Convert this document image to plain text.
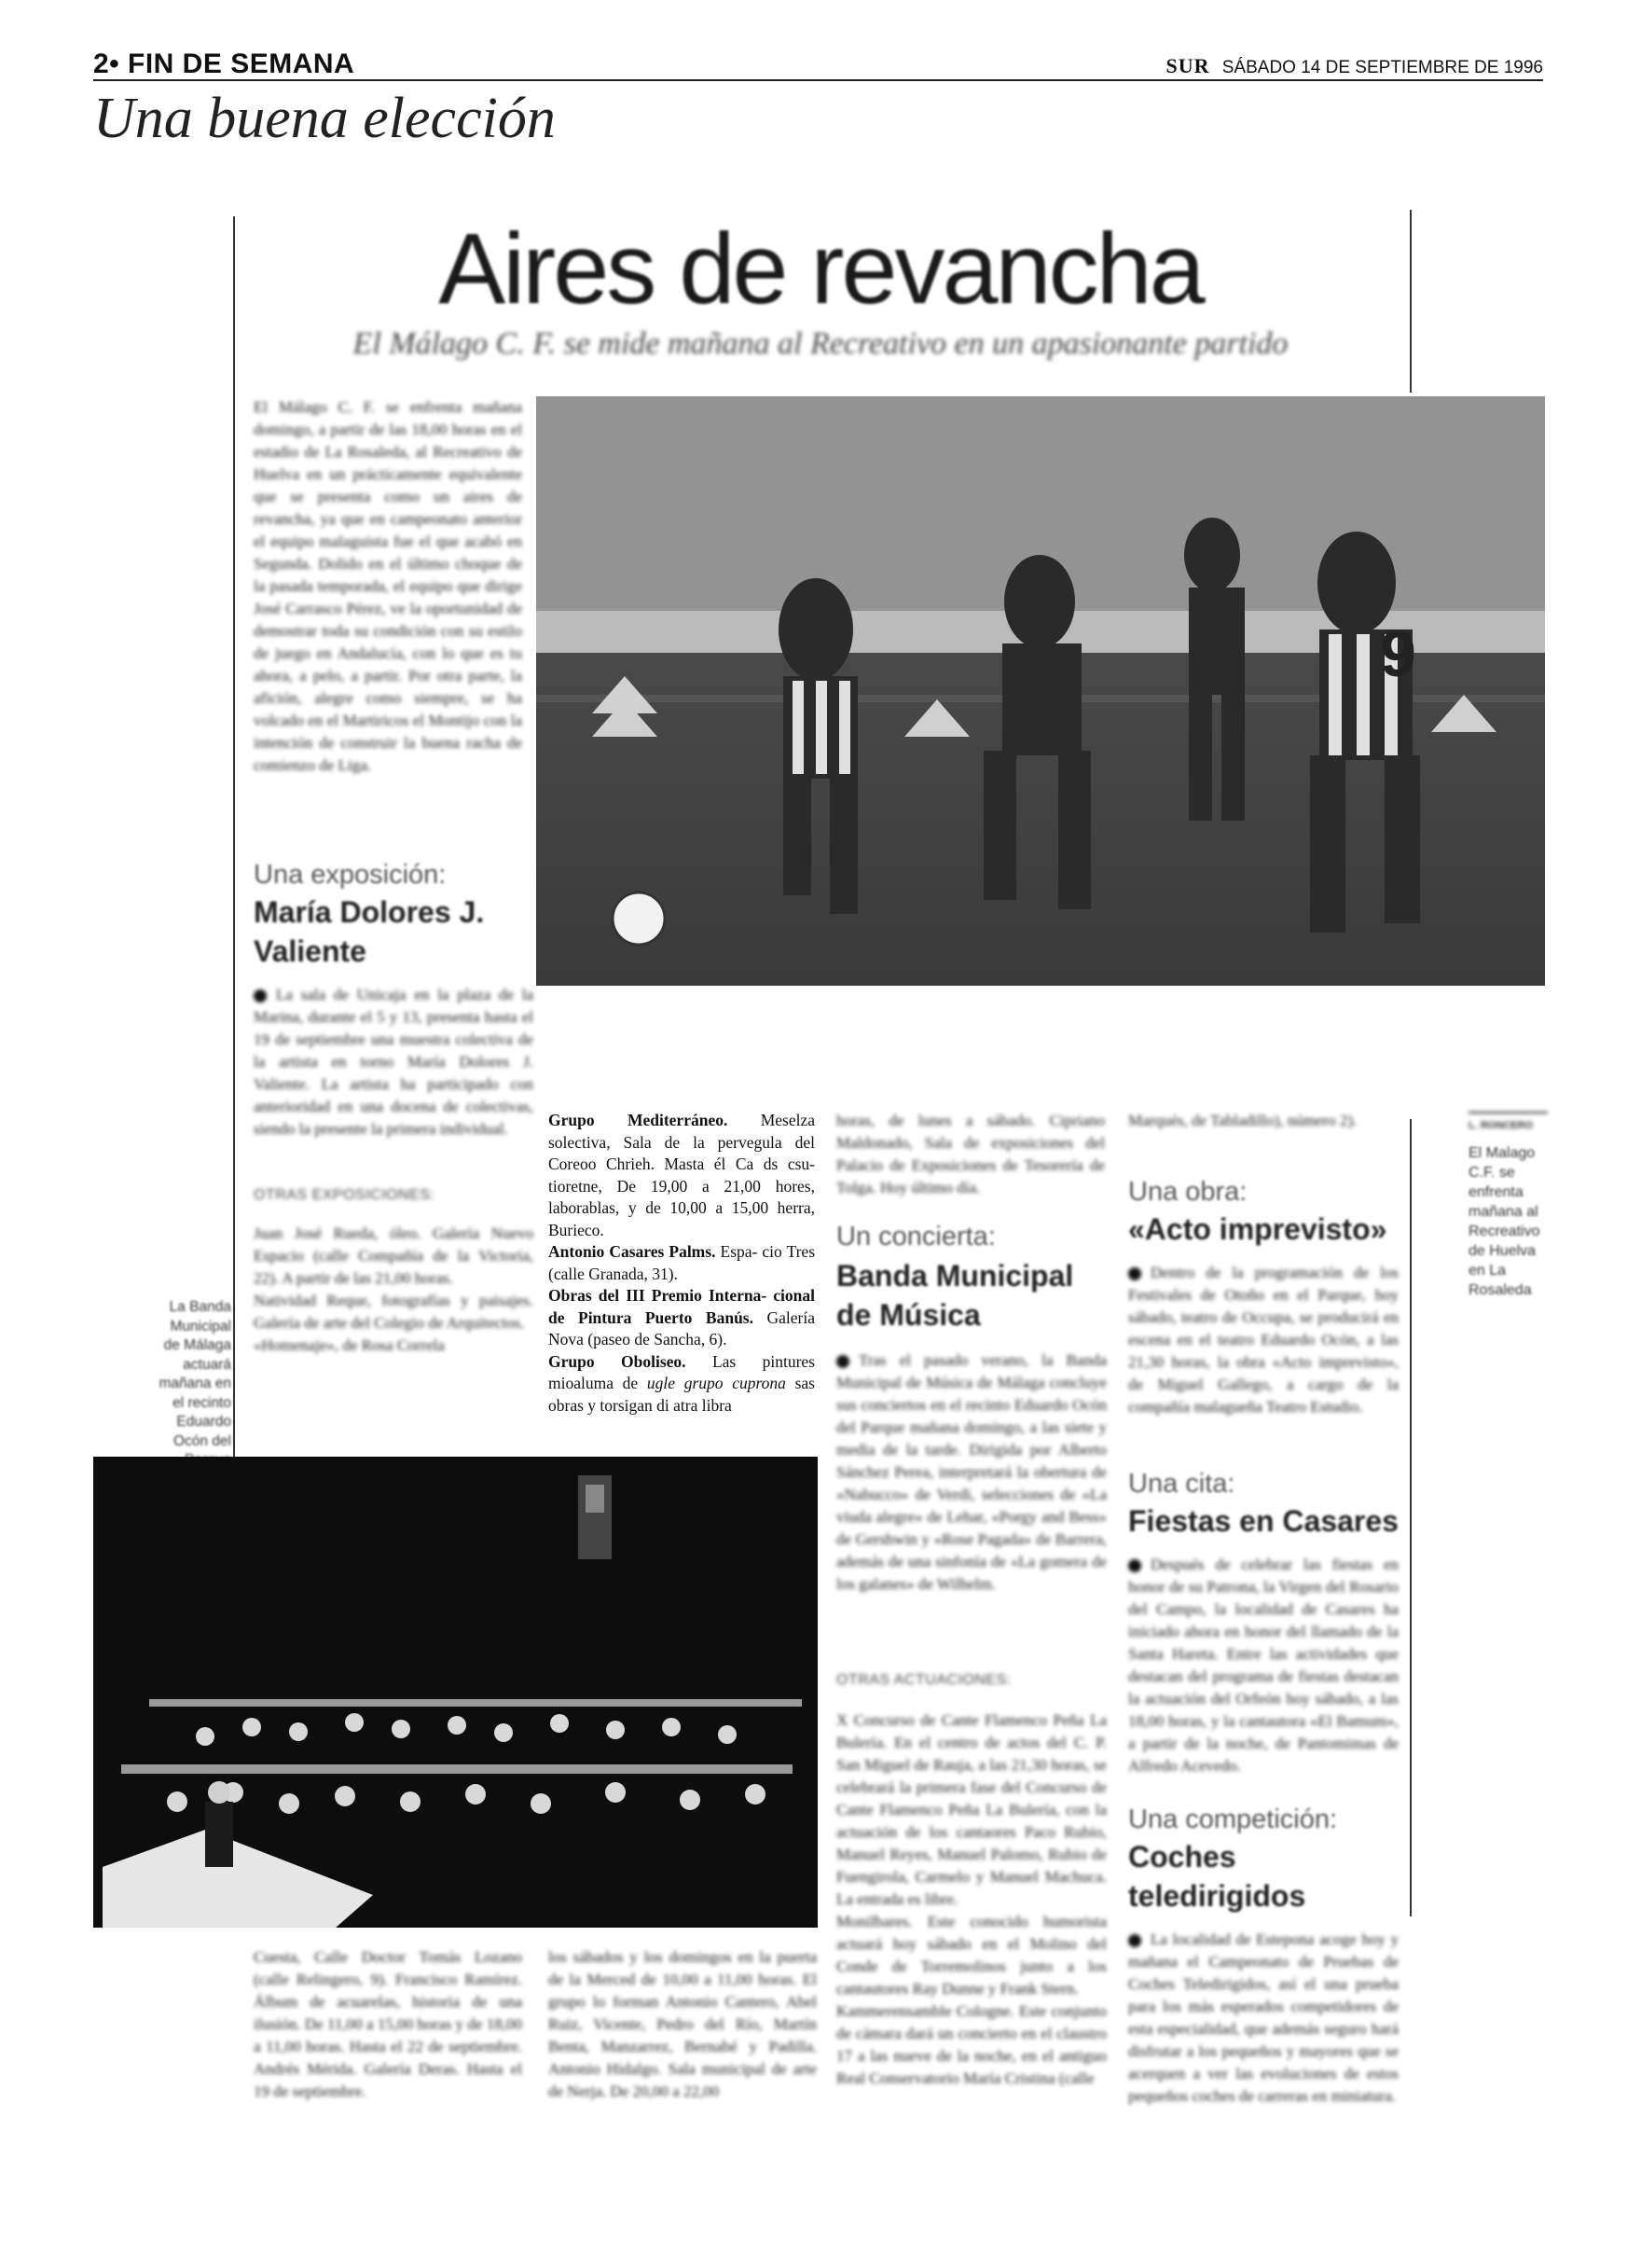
2• FIN DE SEMANA	SUR SÁBADO 14 DE SEPTIEMBRE DE 1996
Una buena elección
Aires de revancha
El Málago C. F. se mide mañana al Recreativo en un apasionante partido
El Málago C. F. se enfrenta mañana domingo, a partir de las 18,00 horas en el estadio de La Rosaleda, al Recreativo de Huelva en un prácticamente equivalente que se presenta como un aires de revancha, ya que en campeonato anterior el equipo malaguista fue el que acabó en Segunda. Dolido en el último choque de la pasada temporada, el equipo que dirige José Carrasco Pérez, ve la oportunidad de demostrar toda su condición con su estilo de juego en Andalucía, con lo que es tu ahora, a pelo, a partir. Por otra parte, la afición, alegre como siempre, se ha volcado en el Martiricos el Montijo con la intención de construir la buena racha de comienzo de Liga.
9
L. RONCERO
El Malago C.F. se enfrenta mañana al Recreativo de Huelva en La Rosaleda
Una exposición:
María Dolores J. Valiente
La sala de Unicaja en la plaza de la Marina, durante el 5 y 13, presenta hasta el 19 de septiembre una muestra colectiva de la artista en torno María Dolores J. Valiente. La artista ha participado con anterioridad en una docena de colectivas, siendo la presente la primera individual.
OTRAS EXPOSICIONES:
Juan José Rueda, óleo. Galería Nuevo Espacio (calle Compañía de la Victoria, 22). A partir de las 21,00 horas.
Natividad Reque, fotografías y paisajes. Galería de arte del Colegio de Arquitectos.
«Homenaje», de Rosa Correla
La Banda Municipal de Málaga actuará mañana en el recinto Eduardo Ocón del
Grupo Mediterráneo. Meselza solectiva, Sala de la pervegula del Coreoo Chrieh. Masta él Ca ds csu- tioretne, De 19,00 a 21,00 hores, laborablas, y de 10,00 a 15,00 herra, Burieco.
Antonio Casares Palms. Espa- cio Tres (calle Granada, 31).
Obras del III Premio Interna- cional de Pintura Puerto Banús. Galería Nova (paseo de Sancha, 6).
Grupo Oboliseo. Las pintures mioaluma de ugle grupo cuprona sas obras y torsigan di atra libra
horas, de lunes a sábado. Cipriano Maldonado, Sala de exposiciones del Palacio de Exposiciones de Tesorería de Tolga. Hoy último día.
Un concierta:
Banda Municipal de Música
Tras el pasado verano, la Banda Municipal de Música de Málaga concluye sus conciertos en el recinto Eduardo Ocón del Parque mañana domingo, a las siete y media de la tarde. Dirigida por Alberto Sánchez Perea, interpretará la obertura de «Nabucco» de Verdi, selecciones de «La viuda alegre» de Lehar, «Porgy and Bess» de Gershwin y «Rose Pagada» de Barrera, además de una sinfonía de «La gomera de los galanes» de Wilhelm.
OTRAS ACTUACIONES:
X Concurso de Cante Flamenco Peña La Bulería. En el centro de actos del C. P. San Miguel de Rauja, a las 21,30 horas, se celebrará la primera fase del Concurso de Cante Flamenco Peña La Bulería, con la actuación de los cantaores Paco Rubio, Manuel Reyes, Manuel Palomo, Rubio de Fuengirola, Carmelo y Manuel Machuca. La entrada es libre.
Monilbares. Este conocido humorista actuará hoy sábado en el Molino del Conde de Torremolinos junto a los cantautores Ray Dunne y Frank Stern.
Kammerensamble Cologne. Este conjunto de cámara dará un concierto en el claustro 17 a las nueve de la noche, en el antiguo Real Conservatorio María Cristina (calle
Marqués, de Tabladillo), número 2).
Una obra:
«Acto imprevisto»
Dentro de la programación de los Festivales de Otoño en el Parque, hoy sábado, teatro de Occupa, se producirá en escena en el teatro Eduardo Ocón, a las 21,30 horas, la obra «Acto imprevisto», de Miguel Gallego, a cargo de la compañía malagueña Teatro Estudio.
Una cita:
Fiestas en Casares
Después de celebrar las fiestas en honor de su Patrona, la Virgen del Rosario del Campo, la localidad de Casares ha iniciado ahora en honor del llamado de la Santa Hareta. Entre las actividades que destacan del programa de fiestas destacan la actuación del Orfeón hoy sábado, a las 18,00 horas, y la cantautora «El Bamum», a partir de la noche, de Pantomimas de Alfredo Acevedo.
Una competición:
Coches teledirigidos
La localidad de Estepona acoge hoy y mañana el Campeonato de Pruebas de Coches Teledirigidos, así el una prueba para los más esperados competidores de esta especialidad, que además seguro hará disfrutar a los pequeños y mayores que se acerquen a ver las evoluciones de estos pequeños coches de carreras en miniatura.
Cuesta, Calle Doctor Tomás Lozano (calle Relingero, 9). Francisco Ramírez. Álbum de acuarelas, historia de una ilusión. De 11,00 a 15,00 horas y de 18,00 a 11,00 horas. Hasta el 22 de septiembre. Andrés Mérida. Galería Deras. Hasta el 19 de septiembre.
los sábados y los domingos en la puerta de la Merced de 10,00 a 11,00 horas. El grupo lo forman Antonio Cantero, Abel Ruiz, Vicente, Pedro del Río, Martín Benta, Manzarrez, Bernabé y Padilla. Antonio Hidalgo. Sala municipal de arte de Nerja. De 20,00 a 22,00
